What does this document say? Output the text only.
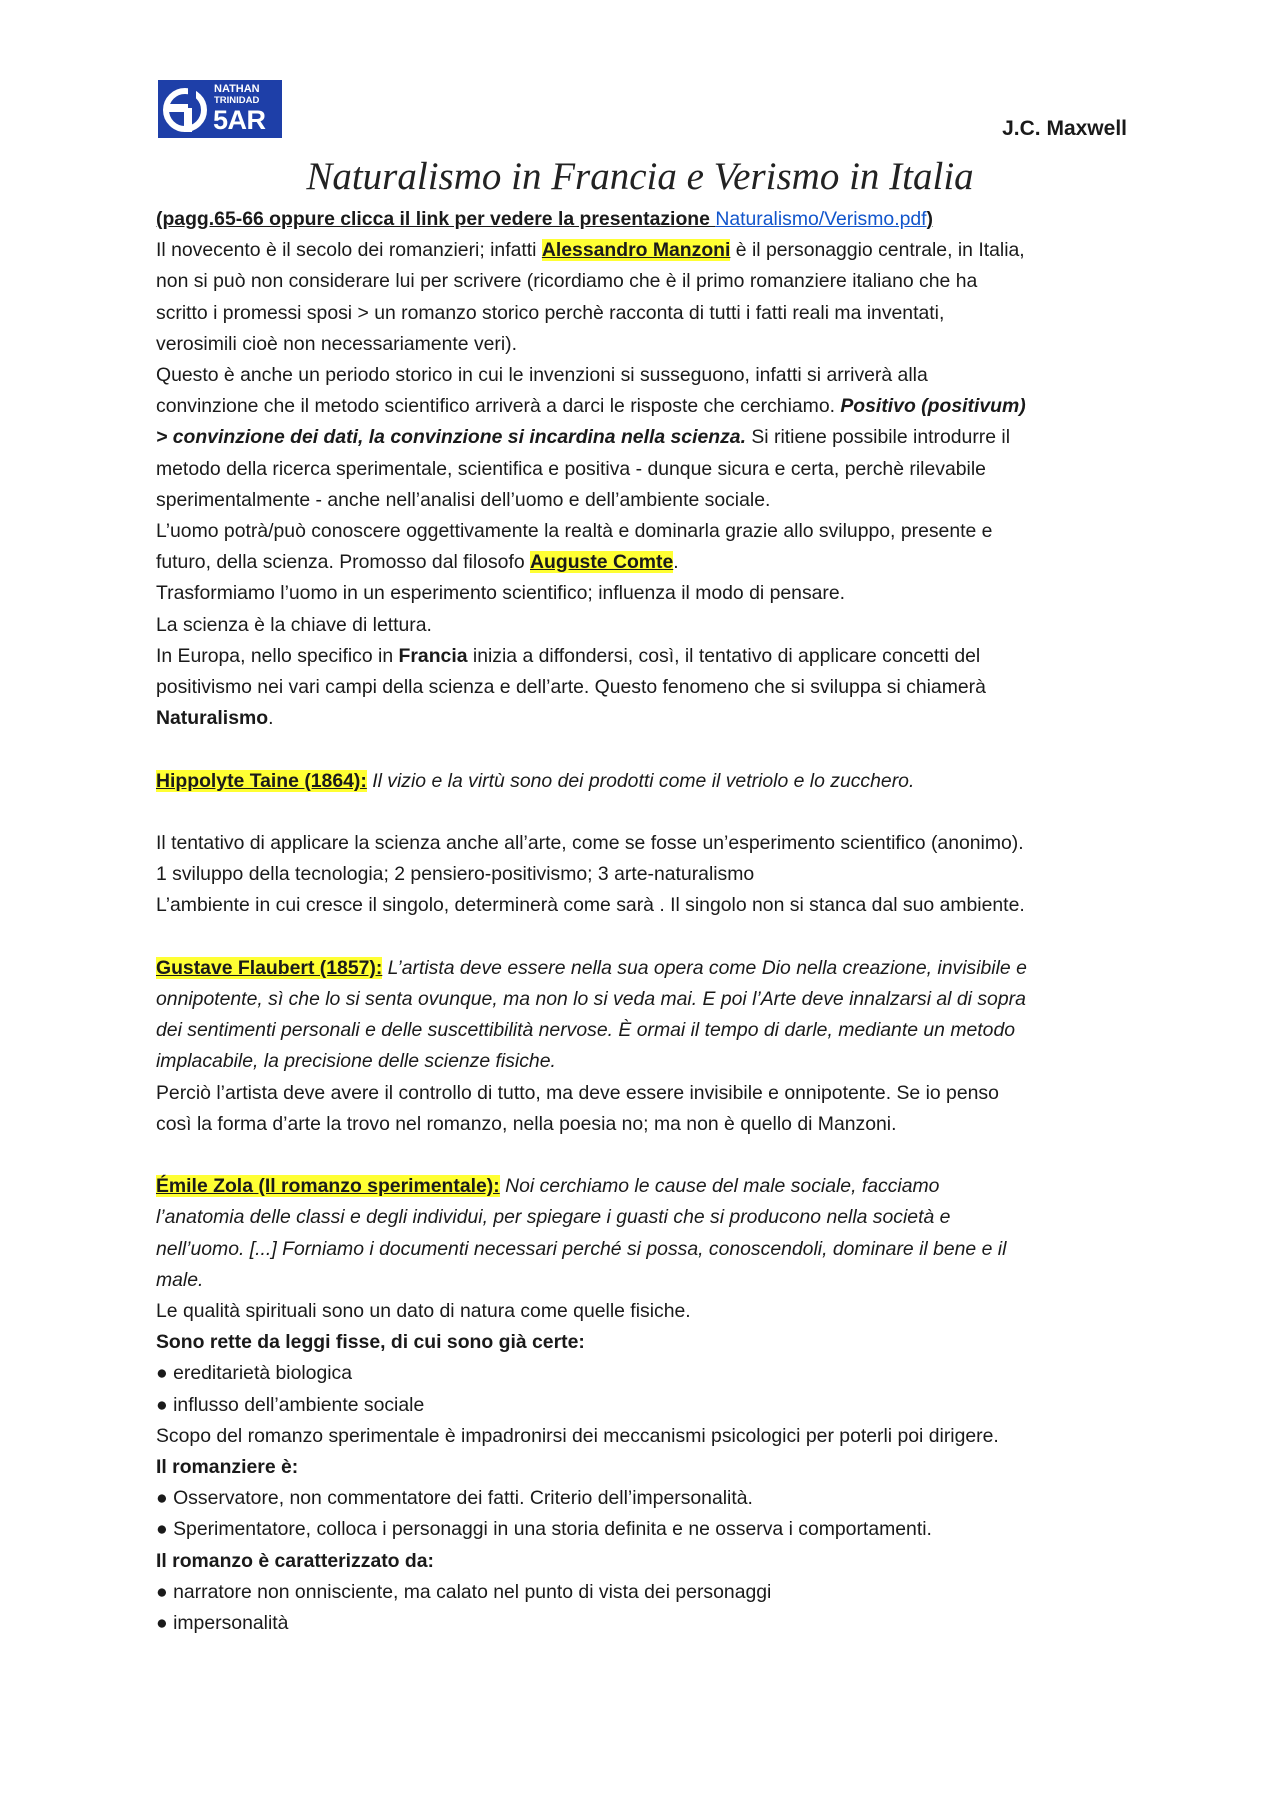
NATHAN
TRINIDAD
5AR	J.C. Maxwell
Naturalismo in Francia e Verismo in Italia

(pagg.65-66 oppure clicca il link per vedere la presentazione Naturalismo/Verismo.pdf)

Il novecento è il secolo dei romanzieri; infatti Alessandro Manzoni è il personaggio centrale, in Italia,

non si può non considerare lui per scrivere (ricordiamo che è il primo romanziere italiano che ha

scritto i promessi sposi > un romanzo storico perchè racconta di tutti i fatti reali ma inventati,

verosimili cioè non necessariamente veri).

Questo è anche un periodo storico in cui le invenzioni si susseguono, infatti si arriverà alla

convinzione che il metodo scientifico arriverà a darci le risposte che cerchiamo. Positivo (positivum)

> convinzione dei dati, la convinzione si incardina nella scienza. Si ritiene possibile introdurre il

metodo della ricerca sperimentale, scientifica e positiva - dunque sicura e certa, perchè rilevabile

sperimentalmente - anche nell’analisi dell’uomo e dell’ambiente sociale.

L’uomo potrà/può conoscere oggettivamente la realtà e dominarla grazie allo sviluppo, presente e

futuro, della scienza. Promosso dal filosofo Auguste Comte.

Trasformiamo l’uomo in un esperimento scientifico; influenza il modo di pensare.

La scienza è la chiave di lettura.

In Europa, nello specifico in Francia inizia a diffondersi, così, il tentativo di applicare concetti del

positivismo nei vari campi della scienza e dell’arte. Questo fenomeno che si sviluppa si chiamerà

Naturalismo.

Hippolyte Taine (1864): Il vizio e la virtù sono dei prodotti come il vetriolo e lo zucchero.

Il tentativo di applicare la scienza anche all’arte, come se fosse un’esperimento scientifico (anonimo).

1 sviluppo della tecnologia; 2 pensiero-positivismo; 3 arte-naturalismo

L’ambiente in cui cresce il singolo, determinerà come sarà . Il singolo non si stanca dal suo ambiente.

Gustave Flaubert (1857): L’artista deve essere nella sua opera come Dio nella creazione, invisibile e

onnipotente, sì che lo si senta ovunque, ma non lo si veda mai. E poi l’Arte deve innalzarsi al di sopra

dei sentimenti personali e delle suscettibilità nervose. È ormai il tempo di darle, mediante un metodo

implacabile, la precisione delle scienze fisiche.

Perciò l’artista deve avere il controllo di tutto, ma deve essere invisibile e onnipotente. Se io penso

così la forma d’arte la trovo nel romanzo, nella poesia no; ma non è quello di Manzoni.

Émile Zola (Il romanzo sperimentale): Noi cerchiamo le cause del male sociale, facciamo

l’anatomia delle classi e degli individui, per spiegare i guasti che si producono nella società e

nell’uomo. [...] Forniamo i documenti necessari perché si possa, conoscendoli, dominare il bene e il

male.

Le qualità spirituali sono un dato di natura come quelle fisiche.

Sono rette da leggi fisse, di cui sono già certe:

● ereditarietà biologica

● influsso dell’ambiente sociale

Scopo del romanzo sperimentale è impadronirsi dei meccanismi psicologici per poterli poi dirigere.

Il romanziere è:

● Osservatore, non commentatore dei fatti. Criterio dell’impersonalità.

● Sperimentatore, colloca i personaggi in una storia definita e ne osserva i comportamenti.

Il romanzo è caratterizzato da:

● narratore non onnisciente, ma calato nel punto di vista dei personaggi

● impersonalità
